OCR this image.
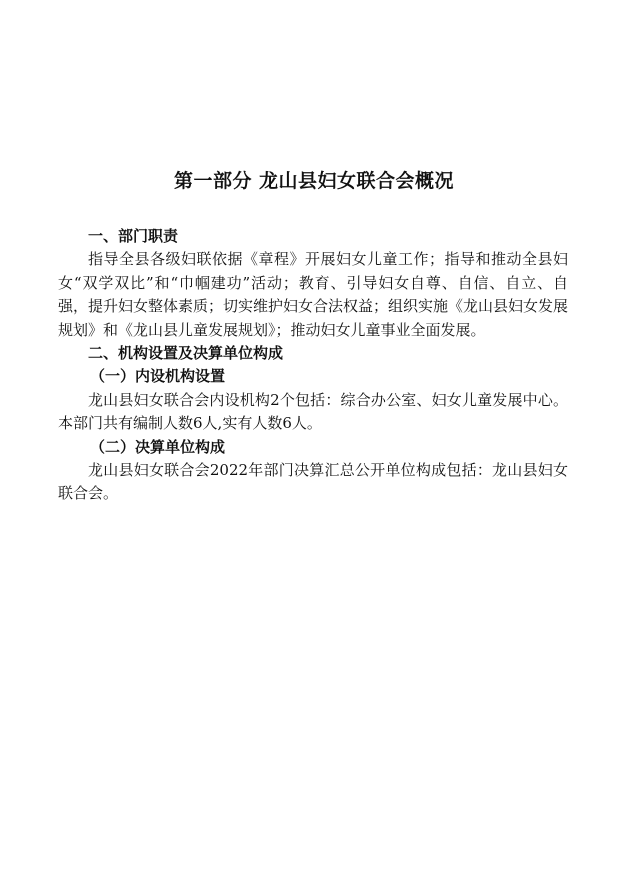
第一部分 龙山县妇女联合会概况

一、部门职责

指导全县各级妇联依据《章程》开展妇女儿童工作；指导和推动全县妇女“双学双比”和“巾帼建功”活动；教育、引导妇女自尊、自信、自立、自强，提升妇女整体素质；切实维护妇女合法权益；组织实施《龙山县妇女发展规划》和《龙山县儿童发展规划》；推动妇女儿童事业全面发展。

二、机构设置及决算单位构成

（一）内设机构设置

龙山县妇女联合会内设机构2个包括：综合办公室、妇女儿童发展中心。本部门共有编制人数6人,实有人数6人。

（二）决算单位构成

龙山县妇女联合会2022年部门决算汇总公开单位构成包括：龙山县妇女联合会。
